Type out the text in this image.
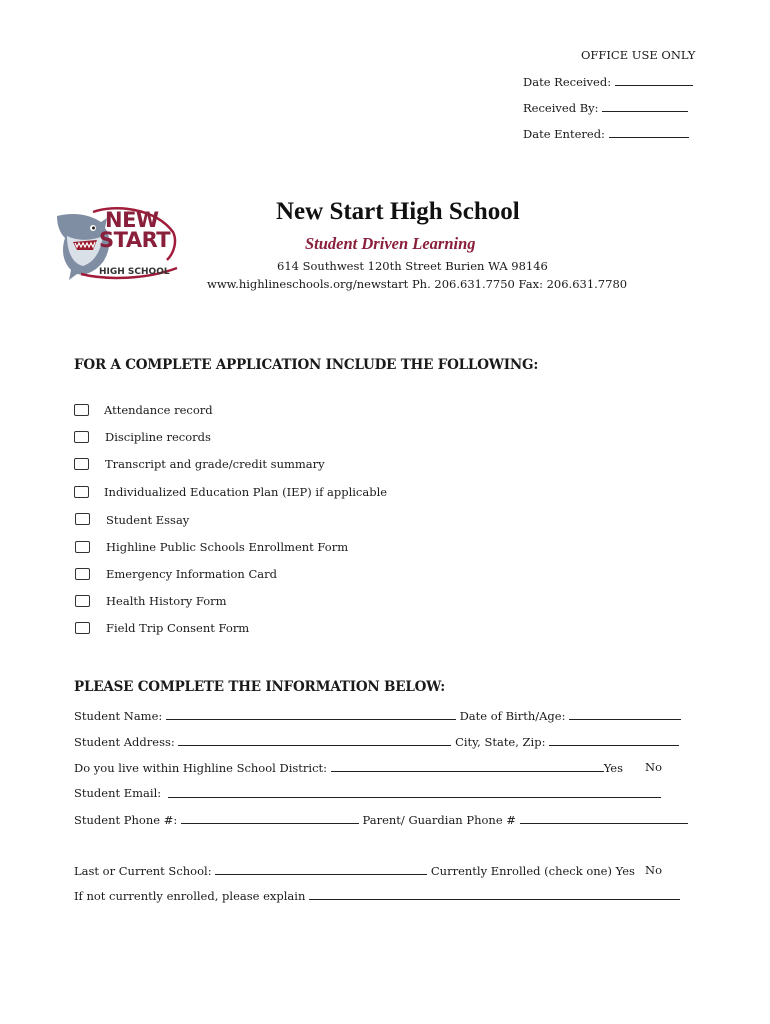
OFFICE USE ONLY
Date Received:
Received By:
Date Entered:
NEW
START
HIGH SCHOOL
New Start High School
Student Driven Learning
614 Southwest 120th Street Burien WA 98146
www.highlineschools.org/newstart Ph. 206.631.7750 Fax: 206.631.7780
FOR A COMPLETE APPLICATION INCLUDE THE FOLLOWING:
Attendance record
Discipline records
Transcript and grade/credit summary
Individualized Education Plan (IEP) if applicable
Student Essay
Highline Public Schools Enrollment Form
Emergency Information Card
Health History Form
Field Trip Consent Form
PLEASE COMPLETE THE INFORMATION BELOW:
Student Name:	Date of Birth/Age:
Student Address:	City, State, Zip:
Do you live within Highline School District:	Yes No
Student Email:
Student Phone #:	Parent/ Guardian Phone #
Last or Current School:	Currently Enrolled (check one) Yes No
If not currently enrolled, please explain
